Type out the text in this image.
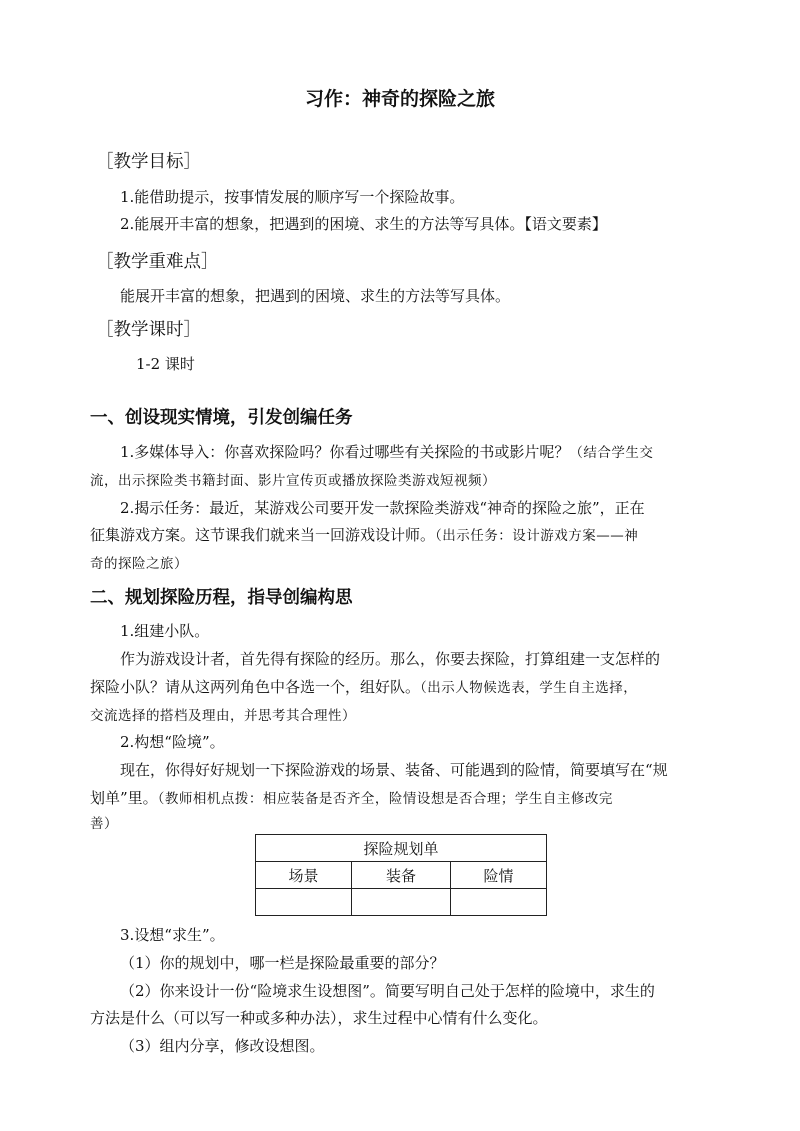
习作：神奇的探险之旅
［教学目标］
1.能借助提示，按事情发展的顺序写一个探险故事。
2.能展开丰富的想象，把遇到的困境、求生的方法等写具体。【语文要素】
［教学重难点］
能展开丰富的想象，把遇到的困境、求生的方法等写具体。
［教学课时］
1-2 课时
一、创设现实情境，引发创编任务
1.多媒体导入：你喜欢探险吗？你看过哪些有关探险的书或影片呢？（结合学生交
流，出示探险类书籍封面、影片宣传页或播放探险类游戏短视频）
2.揭示任务：最近，某游戏公司要开发一款探险类游戏“神奇的探险之旅”，正在
征集游戏方案。这节课我们就来当一回游戏设计师。（出示任务：设计游戏方案——神
奇的探险之旅）
二、规划探险历程，指导创编构思
1.组建小队。
作为游戏设计者，首先得有探险的经历。那么，你要去探险，打算组建一支怎样的
探险小队？请从这两列角色中各选一个，组好队。（出示人物候选表，学生自主选择，
交流选择的搭档及理由，并思考其合理性）
2.构想“险境”。
现在，你得好好规划一下探险游戏的场景、装备、可能遇到的险情，简要填写在“规
划单”里。（教师相机点拨：相应装备是否齐全，险情设想是否合理；学生自主修改完
善）
探险规划单		
场景	装备	险情

3.设想“求生”。
（1）你的规划中，哪一栏是探险最重要的部分？
（2）你来设计一份“险境求生设想图”。简要写明自己处于怎样的险境中，求生的
方法是什么（可以写一种或多种办法），求生过程中心情有什么变化。
（3）组内分享，修改设想图。
